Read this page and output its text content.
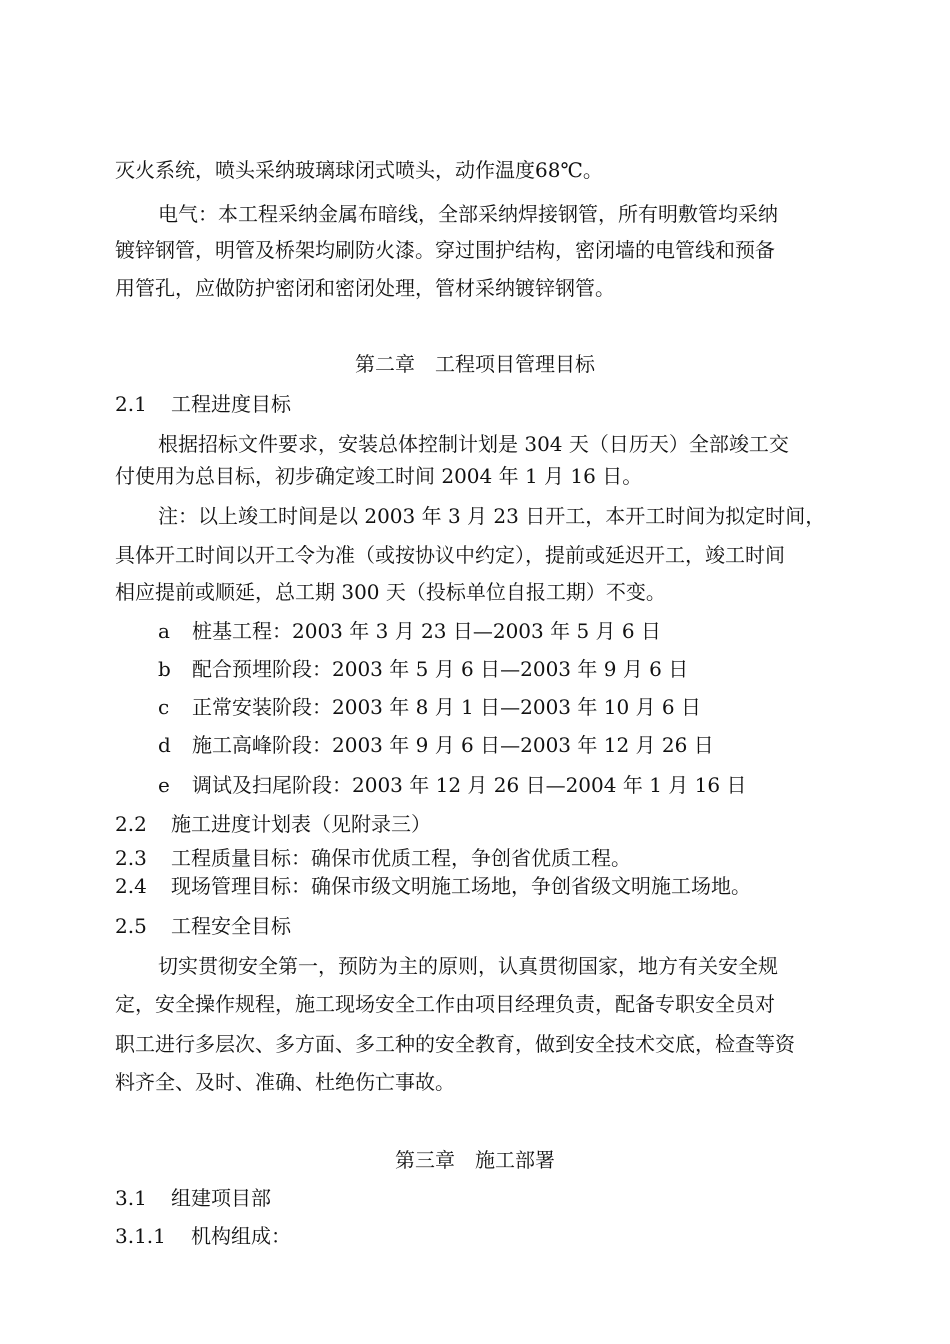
灭火系统，喷头采纳玻璃球闭式喷头，动作温度68℃。
电气：本工程采纳金属布暗线，全部采纳焊接钢管，所有明敷管均采纳
镀锌钢管，明管及桥架均刷防火漆。穿过围护结构，密闭墙的电管线和预备
用管孔，应做防护密闭和密闭处理，管材采纳镀锌钢管。
第二章　工程项目管理目标
2.1 工程进度目标
根据招标文件要求，安装总体控制计划是 304 天（日历天）全部竣工交
付使用为总目标，初步确定竣工时间 2004 年 1 月 16 日。
注：以上竣工时间是以 2003 年 3 月 23 日开工，本开工时间为拟定时间，
具体开工时间以开工令为准（或按协议中约定），提前或延迟开工，竣工时间
相应提前或顺延，总工期 300 天（投标单位自报工期）不变。
a 桩基工程：2003 年 3 月 23 日—2003 年 5 月 6 日
b 配合预埋阶段：2003 年 5 月 6 日—2003 年 9 月 6 日
c 正常安装阶段：2003 年 8 月 1 日—2003 年 10 月 6 日
d 施工高峰阶段：2003 年 9 月 6 日—2003 年 12 月 26 日
e 调试及扫尾阶段：2003 年 12 月 26 日—2004 年 1 月 16 日
2.2 施工进度计划表（见附录三）
2.3 工程质量目标：确保市优质工程，争创省优质工程。
2.4 现场管理目标：确保市级文明施工场地，争创省级文明施工场地。
2.5 工程安全目标
切实贯彻安全第一，预防为主的原则，认真贯彻国家，地方有关安全规
定，安全操作规程，施工现场安全工作由项目经理负责，配备专职安全员对
职工进行多层次、多方面、多工种的安全教育，做到安全技术交底，检查等资
料齐全、及时、准确、杜绝伤亡事故。
第三章　施工部署
3.1 组建项目部
3.1.1 机构组成：
